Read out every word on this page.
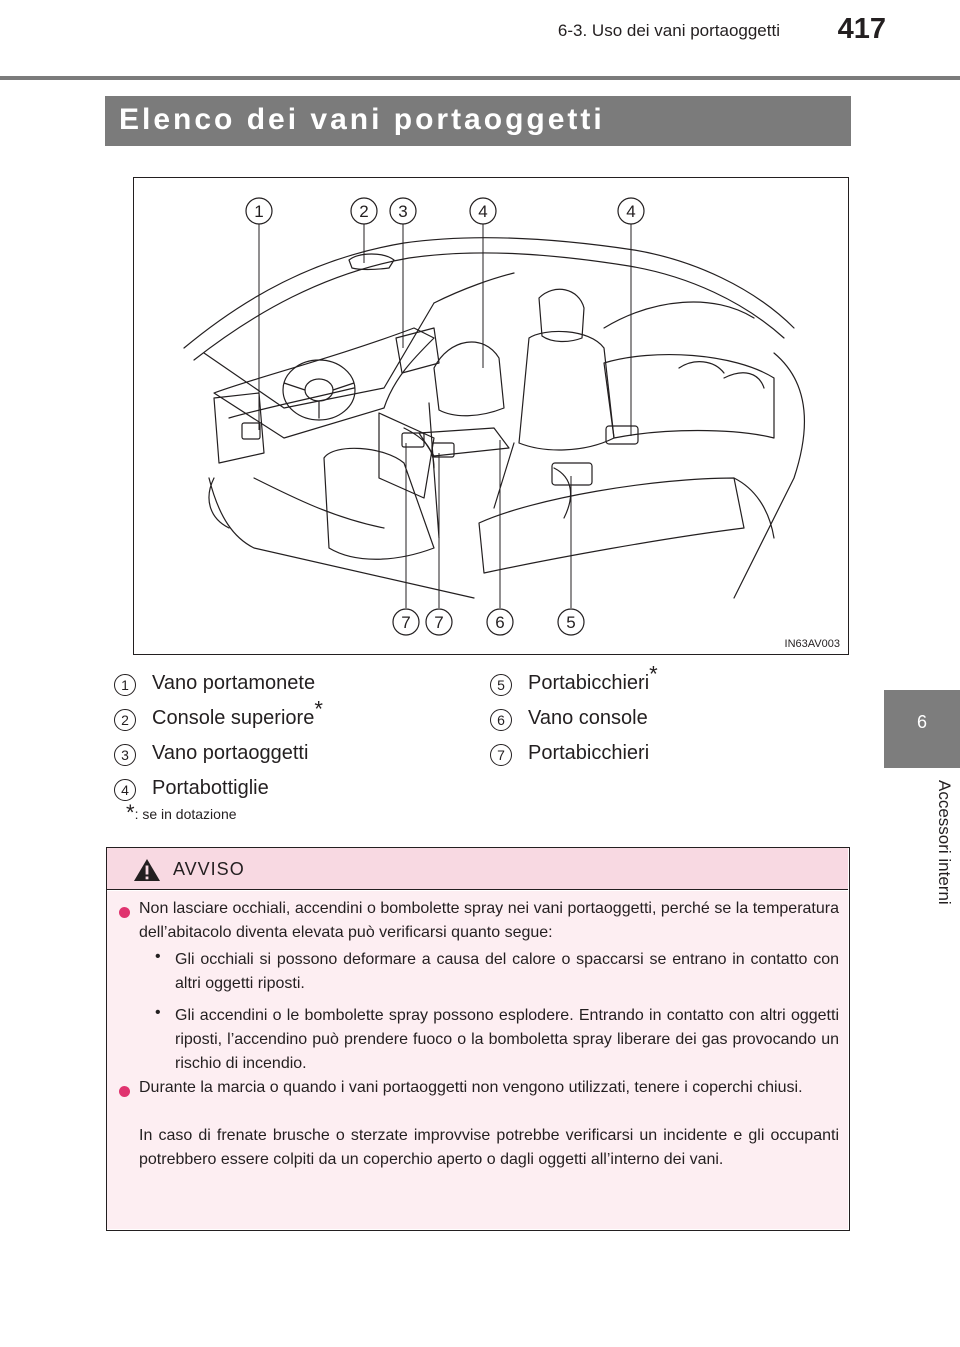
6-3. Uso dei vani portaoggetti 417
6
Accessori interni
Elenco dei vani portaoggetti
1	2 3	4	4
7 7	6	5
IN63AV003
1	Vano portamonete
2	Console superiore*
3	Vano portaoggetti
4	Portabottiglie
5	Portabicchieri*
6	Vano console
7	Portabicchieri
*: se in dotazione
AVVISO
Non lasciare occhiali, accendini o bombolette spray nei vani portaoggetti, perché se la temperatura dell’abitacolo diventa elevata può verificarsi quanto segue:
• Gli occhiali si possono deformare a causa del calore o spaccarsi se entrano in contatto con altri oggetti riposti.
• Gli accendini o le bombolette spray possono esplodere. Entrando in contatto con altri oggetti riposti, l’accendino può prendere fuoco o la bomboletta spray liberare dei gas provocando un rischio di incendio.
Durante la marcia o quando i vani portaoggetti non vengono utilizzati, tenere i coperchi chiusi.
In caso di frenate brusche o sterzate improvvise potrebbe verificarsi un incidente e gli occupanti potrebbero essere colpiti da un coperchio aperto o dagli oggetti all’interno dei vani.
